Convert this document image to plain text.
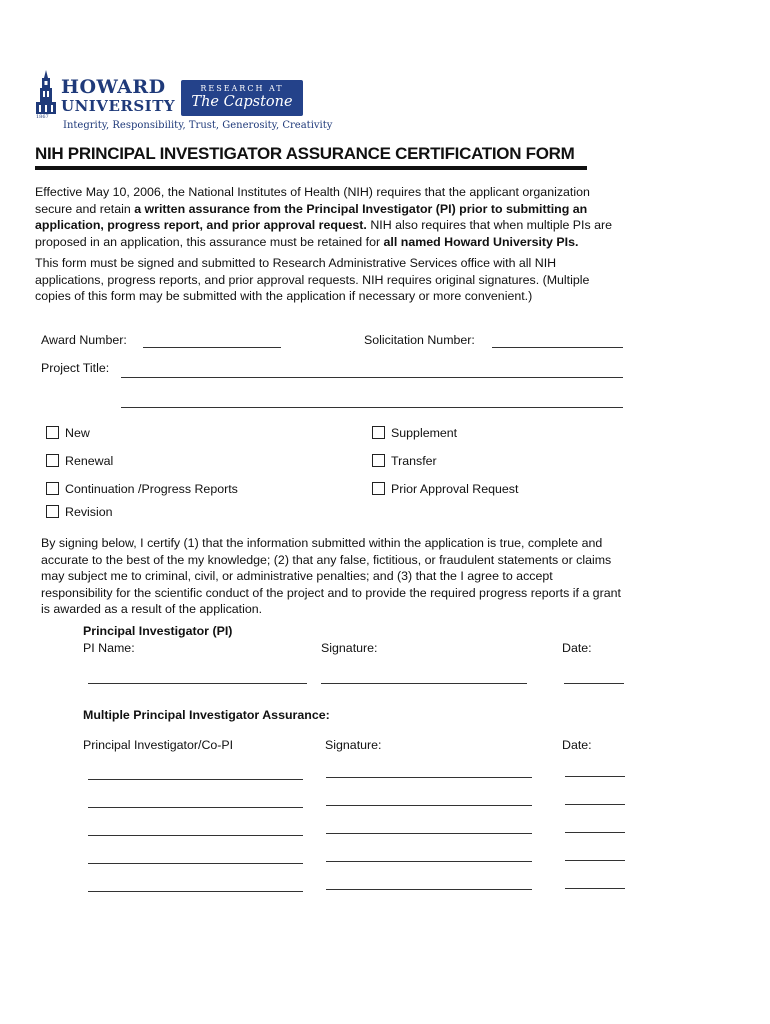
1867
HOWARD
UNIVERSITY
RESEARCH AT
The Capstone
Integrity, Responsibility, Trust, Generosity, Creativity
NIH PRINCIPAL INVESTIGATOR ASSURANCE CERTIFICATION FORM
Effective May 10, 2006, the National Institutes of Health (NIH) requires that the applicant organization secure and retain a written assurance from the Principal Investigator (PI) prior to submitting an application, progress report, and prior approval request. NIH also requires that when multiple PIs are proposed in an application, this assurance must be retained for all named Howard University PIs.
This form must be signed and submitted to Research Administrative Services office with all NIH applications, progress reports, and prior approval requests. NIH requires original signatures. (Multiple copies of this form may be submitted with the application if necessary or more convenient.)
Award Number:	Solicitation Number:
Project Title:
New	Supplement
Renewal	Transfer
Continuation /Progress Reports	Prior Approval Request
Revision
By signing below, I certify (1) that the information submitted within the application is true, complete and accurate to the best of the my knowledge; (2) that any false, fictitious, or fraudulent statements or claims may subject me to criminal, civil, or administrative penalties; and (3) that the I agree to accept responsibility for the scientific conduct of the project and to provide the required progress reports if a grant is awarded as a result of the application.
Principal Investigator (PI)
PI Name:	Signature:	Date:
Multiple Principal Investigator Assurance:
Principal Investigator/Co-PI	Signature:	Date:
